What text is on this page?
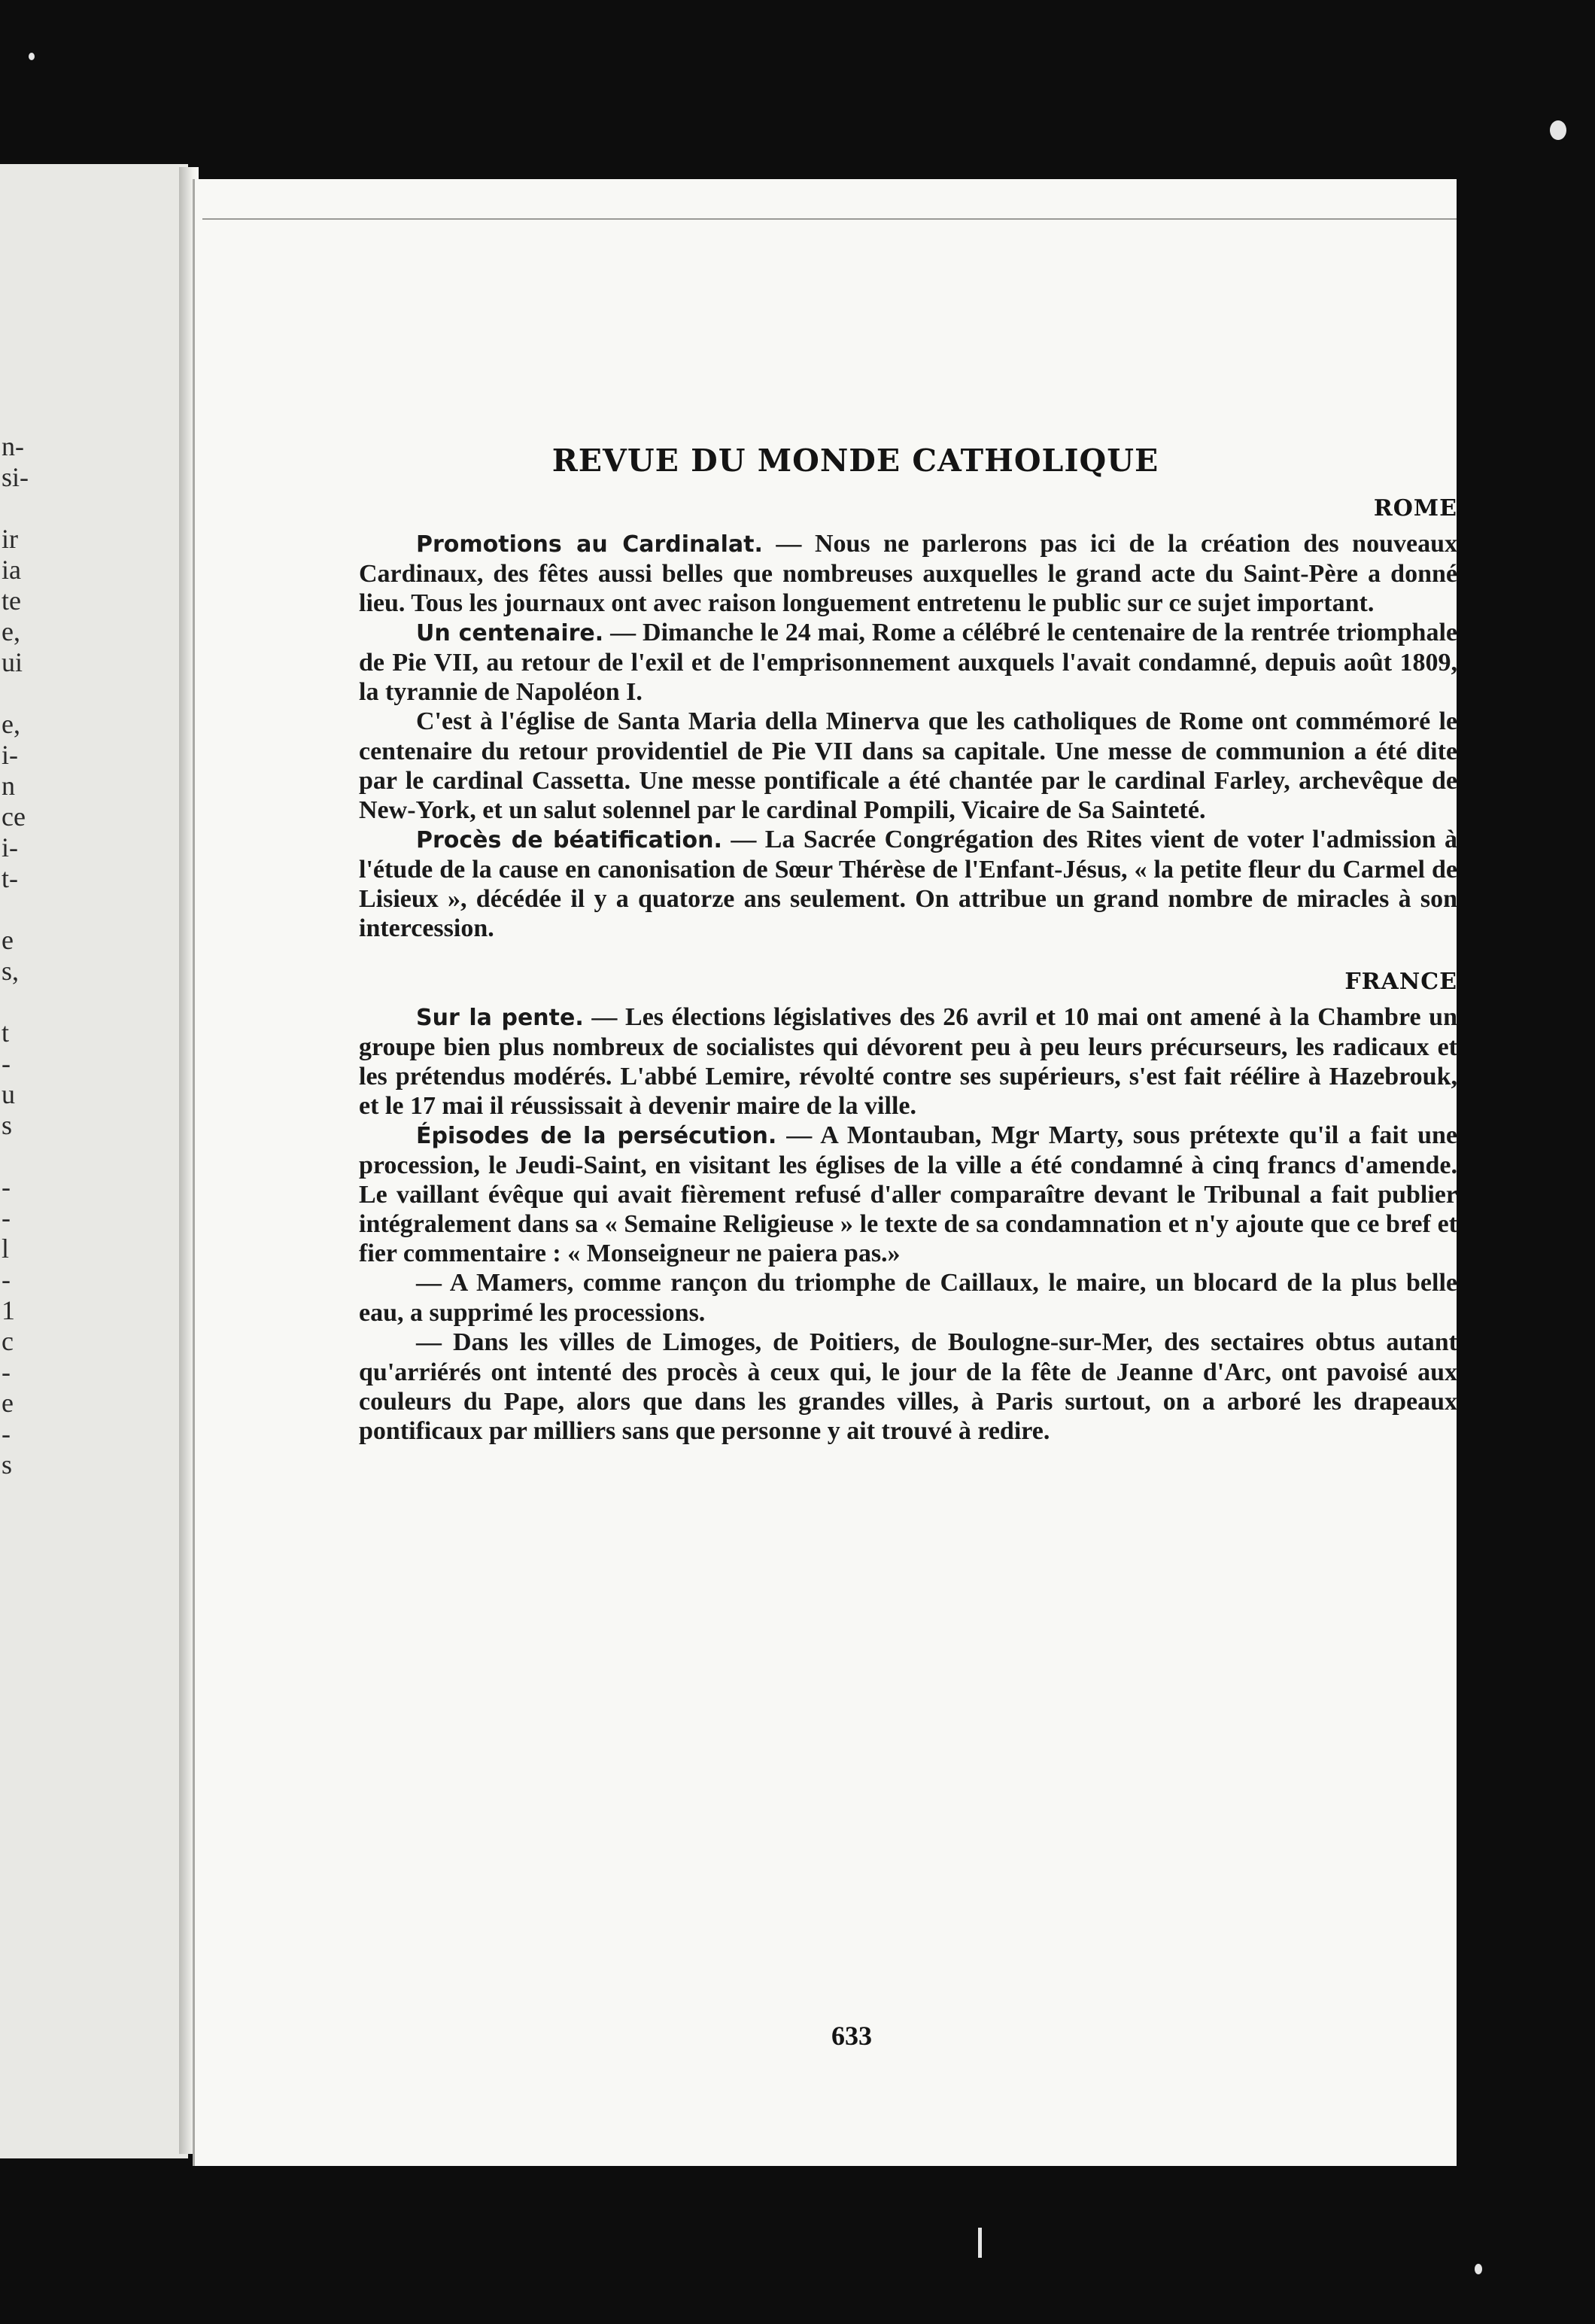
n-
si-
ir
ia
te
e,
ui
e,
i-
n
ce
i-
t-
e
s,
t
-
u
s
-
-
l
-
1
c
-
e
-
s
REVUE DU MONDE CATHOLIQUE
ROME

Promotions au Cardinalat. — Nous ne parlerons pas ici de la création des nouveaux Cardinaux, des fêtes aussi belles que nombreuses auxquelles le grand acte du Saint-Père a donné lieu. Tous les journaux ont avec raison longuement entretenu le public sur ce sujet important.

Un centenaire. — Dimanche le 24 mai, Rome a célébré le centenaire de la rentrée triomphale de Pie VII, au retour de l'exil et de l'emprisonnement auxquels l'avait condamné, depuis août 1809, la tyrannie de Napoléon I.

C'est à l'église de Santa Maria della Minerva que les catholiques de Rome ont commémoré le centenaire du retour providentiel de Pie VII dans sa capitale. Une messe de communion a été dite par le cardinal Cassetta. Une messe pontificale a été chantée par le cardinal Farley, archevêque de New-York, et un salut solennel par le cardinal Pompili, Vicaire de Sa Sainteté.

Procès de béatification. — La Sacrée Congrégation des Rites vient de voter l'admission à l'étude de la cause en canonisation de Sœur Thérèse de l'Enfant-Jésus, « la petite fleur du Carmel de Lisieux », décédée il y a quatorze ans seulement. On attribue un grand nombre de miracles à son intercession.

FRANCE

Sur la pente. — Les élections législatives des 26 avril et 10 mai ont amené à la Chambre un groupe bien plus nombreux de socialistes qui dévorent peu à peu leurs précurseurs, les radicaux et les prétendus modérés. L'abbé Lemire, révolté contre ses supérieurs, s'est fait réélire à Hazebrouk, et le 17 mai il réussissait à devenir maire de la ville.

Épisodes de la persécution. — A Montauban, Mgr Marty, sous prétexte qu'il a fait une procession, le Jeudi-Saint, en visitant les églises de la ville a été condamné à cinq francs d'amende. Le vaillant évêque qui avait fièrement refusé d'aller comparaître devant le Tribunal a fait publier intégralement dans sa « Semaine Religieuse » le texte de sa condamnation et n'y ajoute que ce bref et fier commentaire : « Monseigneur ne paiera pas.»

— A Mamers, comme rançon du triomphe de Caillaux, le maire, un blocard de la plus belle eau, a supprimé les processions.

— Dans les villes de Limoges, de Poitiers, de Boulogne-sur-Mer, des sectaires obtus autant qu'arriérés ont intenté des procès à ceux qui, le jour de la fête de Jeanne d'Arc, ont pavoisé aux couleurs du Pape, alors que dans les grandes villes, à Paris surtout, on a arboré les drapeaux pontificaux par milliers sans que personne y ait trouvé à redire.

633
